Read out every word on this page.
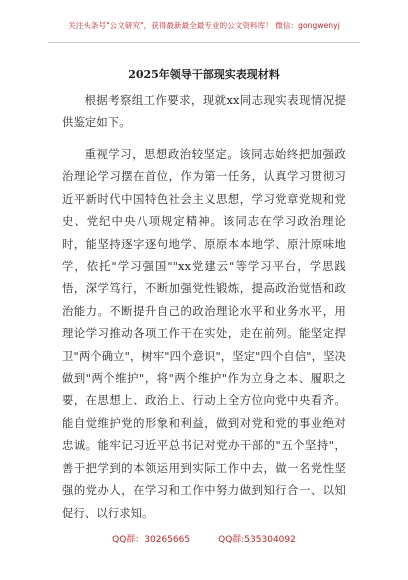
关注头条号"公文研究"，获得最新最全最专业的公文资料库！ 微信：gongwenyj
2025年领导干部现实表现材料

根据考察组工作要求，现就xx同志现实表现情况提供鉴定如下。

重视学习，思想政治较坚定。该同志始终把加强政治理论学习摆在首位，作为第一任务，认真学习贯彻习近平新时代中国特色社会主义思想，学习党章党规和党史、党纪中央八项规定精神。该同志在学习政治理论时，能坚持逐字逐句地学、原原本本地学、原汁原味地学，依托"学习强国""xx党建云"等学习平台，学思践悟，深学笃行，不断加强党性锻炼，提高政治觉悟和政治能力。不断提升自己的政治理论水平和业务水平，用理论学习推动各项工作干在实处，走在前列。能坚定捍卫"两个确立"，树牢"四个意识"，坚定"四个自信"，坚决做到"两个维护"，将"两个维护"作为立身之本、履职之要，在思想上、政治上、行动上全方位向党中央看齐。能自觉维护党的形象和利益，做到对党和党的事业绝对忠诚。能牢记习近平总书记对党办干部的"五个坚持"，善于把学到的本领运用到实际工作中去，做一名党性坚强的党办人，在学习和工作中努力做到知行合一、以知促行、以行求知。

QQ群：30265665	QQ群:535304092
